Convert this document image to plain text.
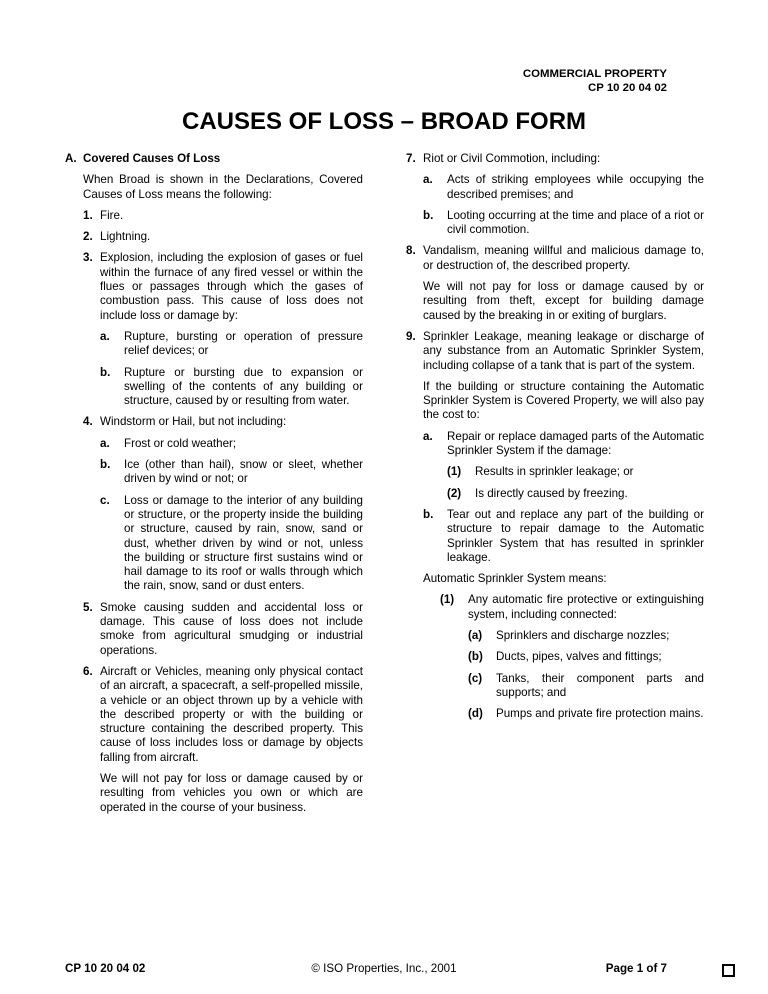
COMMERCIAL PROPERTY
CP 10 20 04 02
CAUSES OF LOSS – BROAD FORM
A. Covered Causes Of Loss

When Broad is shown in the Declarations, Covered Causes of Loss means the following:

1. Fire.
2. Lightning.
3. Explosion, including the explosion of gases or fuel within the furnace of any fired vessel or within the flues or passages through which the gases of combustion pass. This cause of loss does not include loss or damage by:
a. Rupture, bursting or operation of pressure relief devices; or
b. Rupture or bursting due to expansion or swelling of the contents of any building or structure, caused by or resulting from water.
4. Windstorm or Hail, but not including:
a. Frost or cold weather;
b. Ice (other than hail), snow or sleet, whether driven by wind or not; or
c. Loss or damage to the interior of any building or structure, or the property inside the building or structure, caused by rain, snow, sand or dust, whether driven by wind or not, unless the building or structure first sustains wind or hail damage to its roof or walls through which the rain, snow, sand or dust enters.
5. Smoke causing sudden and accidental loss or damage. This cause of loss does not include smoke from agricultural smudging or industrial operations.
6. Aircraft or Vehicles, meaning only physical contact of an aircraft, a spacecraft, a self-propelled missile, a vehicle or an object thrown up by a vehicle with the described property or with the building or structure containing the described property. This cause of loss includes loss or damage by objects falling from aircraft.

We will not pay for loss or damage caused by or resulting from vehicles you own or which are operated in the course of your business.

7. Riot or Civil Commotion, including:
a. Acts of striking employees while occupying the described premises; and
b. Looting occurring at the time and place of a riot or civil commotion.
8. Vandalism, meaning willful and malicious damage to, or destruction of, the described property.

We will not pay for loss or damage caused by or resulting from theft, except for building damage caused by the breaking in or exiting of burglars.

9. Sprinkler Leakage, meaning leakage or discharge of any substance from an Automatic Sprinkler System, including collapse of a tank that is part of the system.

If the building or structure containing the Automatic Sprinkler System is Covered Property, we will also pay the cost to:

a. Repair or replace damaged parts of the Automatic Sprinkler System if the damage:
(1) Results in sprinkler leakage; or
(2) Is directly caused by freezing.
b. Tear out and replace any part of the building or structure to repair damage to the Automatic Sprinkler System that has resulted in sprinkler leakage.

Automatic Sprinkler System means:

(1) Any automatic fire protective or extinguishing system, including connected:
(a) Sprinklers and discharge nozzles;
(b) Ducts, pipes, valves and fittings;
(c) Tanks, their component parts and supports; and
(d) Pumps and private fire protection mains.
CP 10 20 04 02	© ISO Properties, Inc., 2001	Page 1 of 7
